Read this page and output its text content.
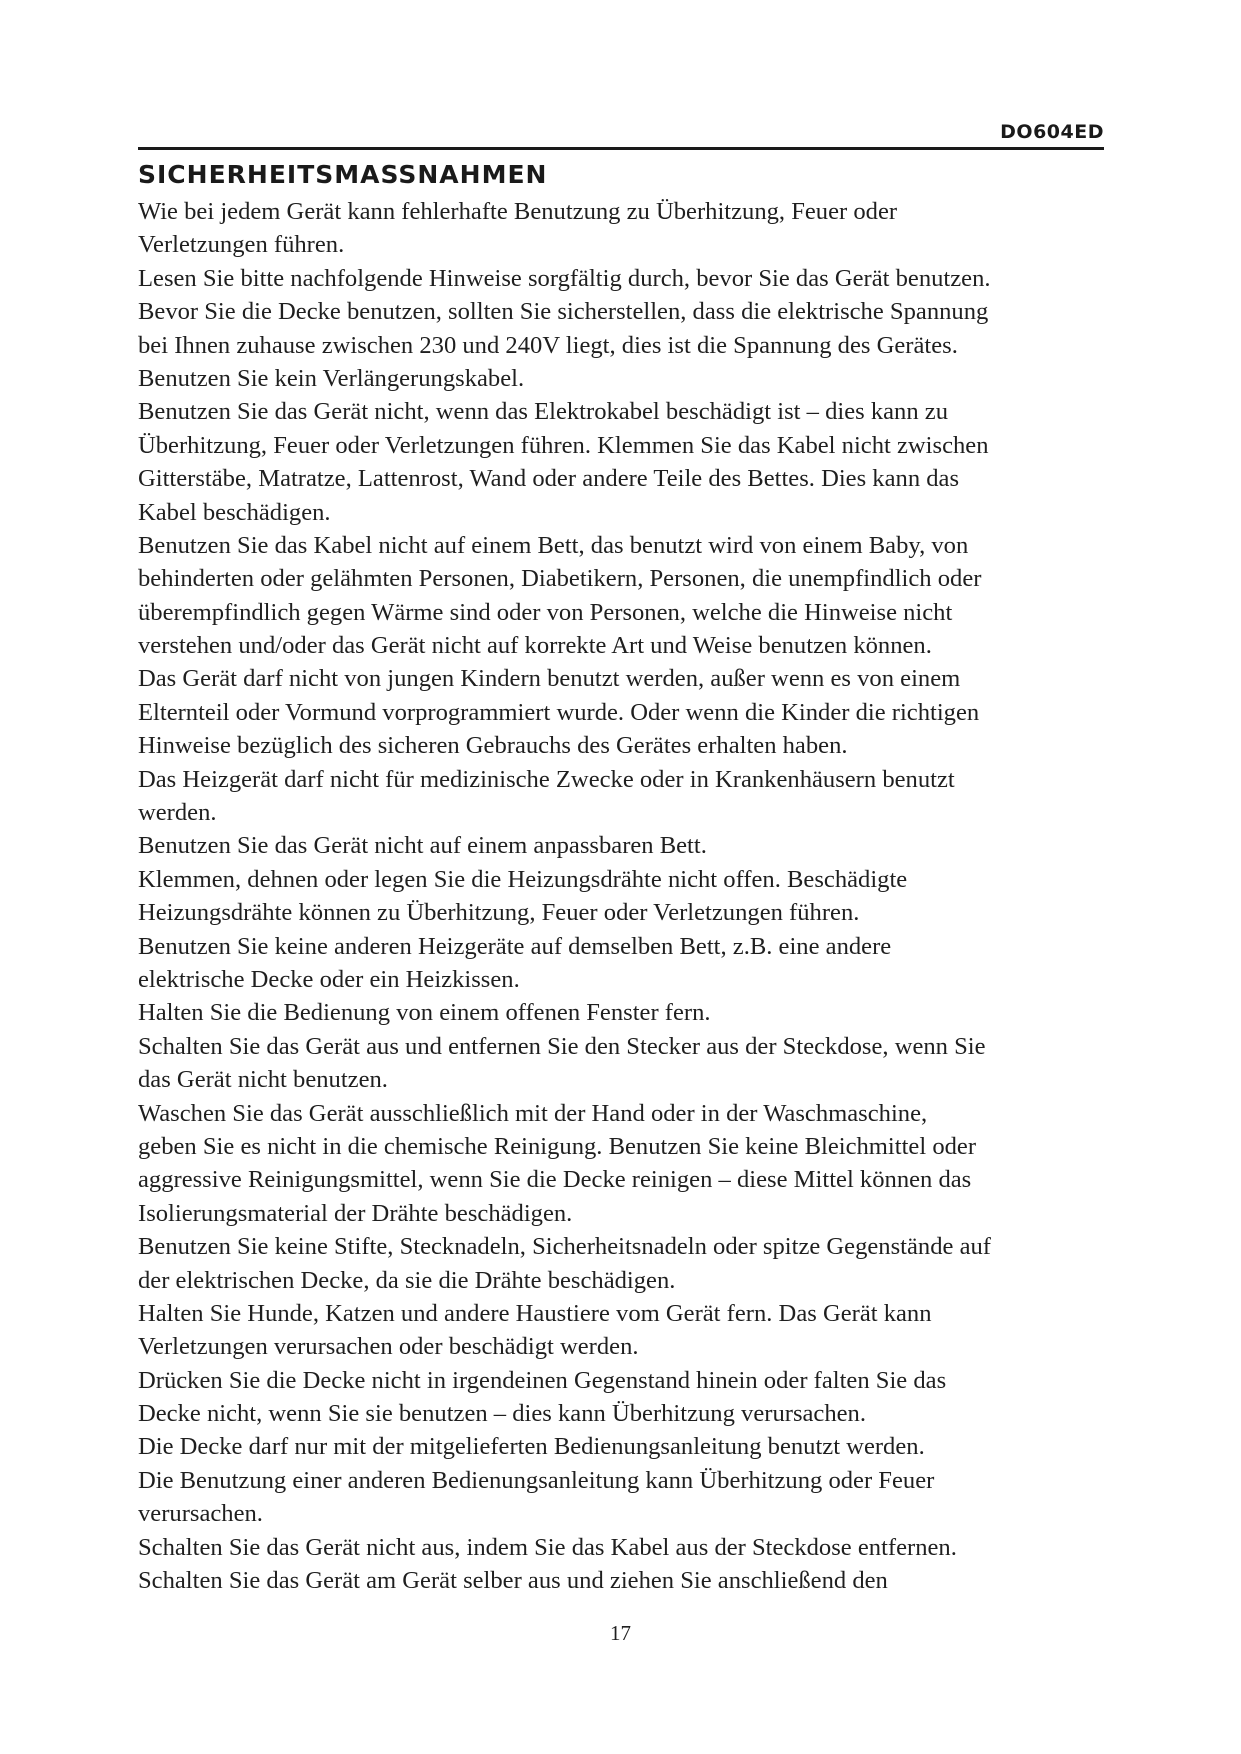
DO604ED
SICHERHEITSMASSNAHMEN
Wie bei jedem Gerät kann fehlerhafte Benutzung zu Überhitzung, Feuer oder
Verletzungen führen.
Lesen Sie bitte nachfolgende Hinweise sorgfältig durch, bevor Sie das Gerät benutzen.
Bevor Sie die Decke benutzen, sollten Sie sicherstellen, dass die elektrische Spannung
bei Ihnen zuhause zwischen 230 und 240V liegt, dies ist die Spannung des Gerätes.
Benutzen Sie kein Verlängerungskabel.
Benutzen Sie das Gerät nicht, wenn das Elektrokabel beschädigt ist – dies kann zu
Überhitzung, Feuer oder Verletzungen führen. Klemmen Sie das Kabel nicht zwischen
Gitterstäbe, Matratze, Lattenrost, Wand oder andere Teile des Bettes. Dies kann das
Kabel beschädigen.
Benutzen Sie das Kabel nicht auf einem Bett, das benutzt wird von einem Baby, von
behinderten oder gelähmten Personen, Diabetikern, Personen, die unempfindlich oder
überempfindlich gegen Wärme sind oder von Personen, welche die Hinweise nicht
verstehen und/oder das Gerät nicht auf korrekte Art und Weise benutzen können.
Das Gerät darf nicht von jungen Kindern benutzt werden, außer wenn es von einem
Elternteil oder Vormund vorprogrammiert wurde. Oder wenn die Kinder die richtigen
Hinweise bezüglich des sicheren Gebrauchs des Gerätes erhalten haben.
Das Heizgerät darf nicht für medizinische Zwecke oder in Krankenhäusern benutzt
werden.
Benutzen Sie das Gerät nicht auf einem anpassbaren Bett.
Klemmen, dehnen oder legen Sie die Heizungsdrähte nicht offen. Beschädigte
Heizungsdrähte können zu Überhitzung, Feuer oder Verletzungen führen.
Benutzen Sie keine anderen Heizgeräte auf demselben Bett, z.B. eine andere
elektrische Decke oder ein Heizkissen.
Halten Sie die Bedienung von einem offenen Fenster fern.
Schalten Sie das Gerät aus und entfernen Sie den Stecker aus der Steckdose, wenn Sie
das Gerät nicht benutzen.
Waschen Sie das Gerät ausschließlich mit der Hand oder in der Waschmaschine,
geben Sie es nicht in die chemische Reinigung. Benutzen Sie keine Bleichmittel oder
aggressive Reinigungsmittel, wenn Sie die Decke reinigen – diese Mittel können das
Isolierungsmaterial der Drähte beschädigen.
Benutzen Sie keine Stifte, Stecknadeln, Sicherheitsnadeln oder spitze Gegenstände auf
der elektrischen Decke, da sie die Drähte beschädigen.
Halten Sie Hunde, Katzen und andere Haustiere vom Gerät fern. Das Gerät kann
Verletzungen verursachen oder beschädigt werden.
Drücken Sie die Decke nicht in irgendeinen Gegenstand hinein oder falten Sie das
Decke nicht, wenn Sie sie benutzen – dies kann Überhitzung verursachen.
Die Decke darf nur mit der mitgelieferten Bedienungsanleitung benutzt werden.
Die Benutzung einer anderen Bedienungsanleitung kann Überhitzung oder Feuer
verursachen.
Schalten Sie das Gerät nicht aus, indem Sie das Kabel aus der Steckdose entfernen.
Schalten Sie das Gerät am Gerät selber aus und ziehen Sie anschließend den
17
